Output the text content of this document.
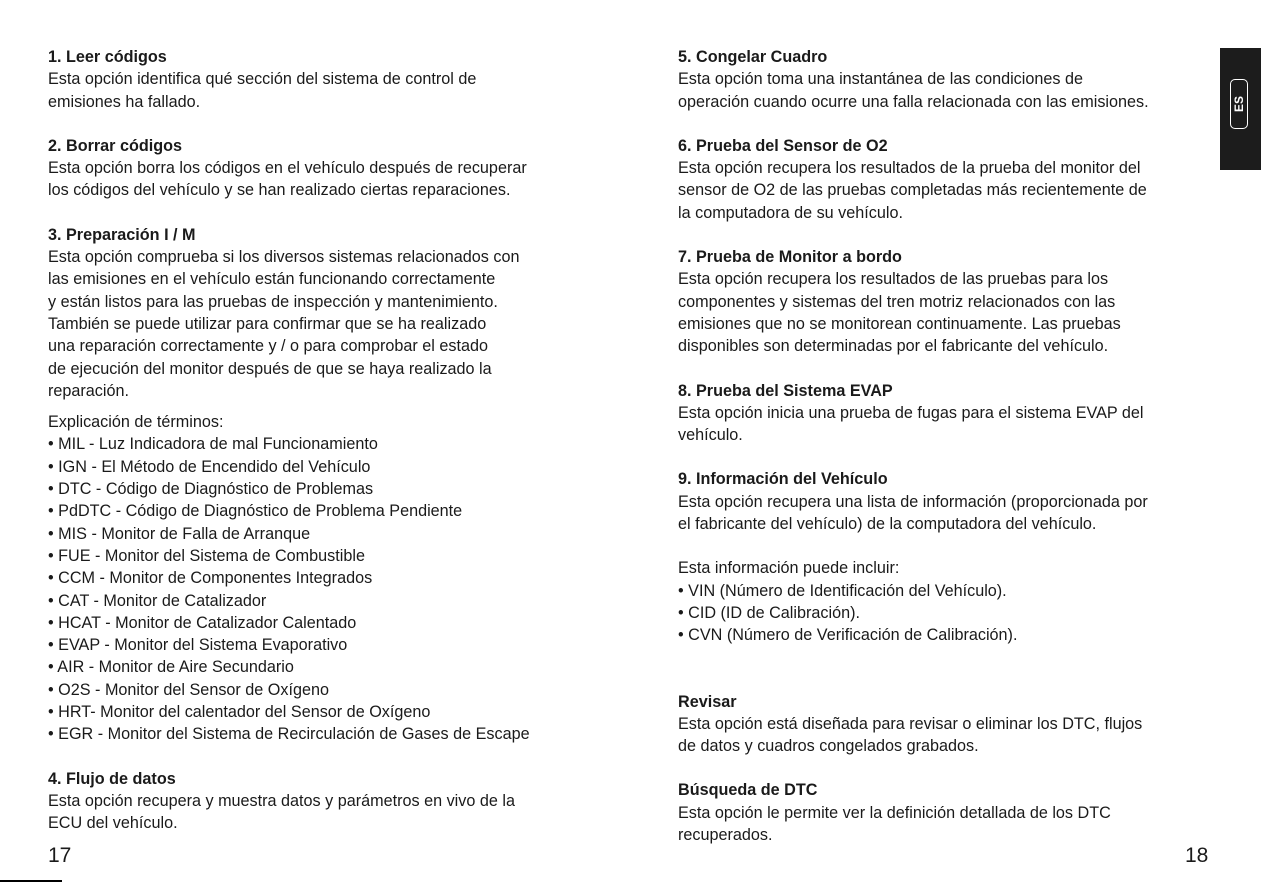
1. Leer códigos

Esta opción identifica qué sección del sistema de control de

emisiones ha fallado.

2. Borrar códigos

Esta opción borra los códigos en el vehículo después de recuperar

los códigos del vehículo y se han realizado ciertas reparaciones.

3. Preparación I / M

Esta opción comprueba si los diversos sistemas relacionados con

las emisiones en el vehículo están funcionando correctamente

y están listos para las pruebas de inspección y mantenimiento.

También se puede utilizar para confirmar que se ha realizado

una reparación correctamente y / o para comprobar el estado

de ejecución del monitor después de que se haya realizado la

reparación.

Explicación de términos:

• MIL - Luz Indicadora de mal Funcionamiento
• IGN - El Método de Encendido del Vehículo
• DTC - Código de Diagnóstico de Problemas
• PdDTC - Código de Diagnóstico de Problema Pendiente
• MIS - Monitor de Falla de Arranque
• FUE - Monitor del Sistema de Combustible
• CCM - Monitor de Componentes Integrados
• CAT - Monitor de Catalizador
• HCAT - Monitor de Catalizador Calentado
• EVAP - Monitor del Sistema Evaporativo
• AIR - Monitor de Aire Secundario
• O2S - Monitor del Sensor de Oxígeno
• HRT- Monitor del calentador del Sensor de Oxígeno
• EGR - Monitor del Sistema de Recirculación de Gases de Escape
4. Flujo de datos

Esta opción recupera y muestra datos y parámetros en vivo de la

ECU del vehículo.

5. Congelar Cuadro

Esta opción toma una instantánea de las condiciones de

operación cuando ocurre una falla relacionada con las emisiones.

6. Prueba del Sensor de O2

Esta opción recupera los resultados de la prueba del monitor del

sensor de O2 de las pruebas completadas más recientemente de

la computadora de su vehículo.

7. Prueba de Monitor a bordo

Esta opción recupera los resultados de las pruebas para los

componentes y sistemas del tren motriz relacionados con las

emisiones que no se monitorean continuamente. Las pruebas

disponibles son determinadas por el fabricante del vehículo.

8. Prueba del Sistema EVAP

Esta opción inicia una prueba de fugas para el sistema EVAP del

vehículo.

9. Información del Vehículo

Esta opción recupera una lista de información (proporcionada por

el fabricante del vehículo) de la computadora del vehículo.

Esta información puede incluir:

• VIN (Número de Identificación del Vehículo).
• CID (ID de Calibración).
• CVN (Número de Verificación de Calibración).
Revisar

Esta opción está diseñada para revisar o eliminar los DTC, flujos

de datos y cuadros congelados grabados.

Búsqueda de DTC

Esta opción le permite ver la definición detallada de los DTC

recuperados.

17	18
ES
